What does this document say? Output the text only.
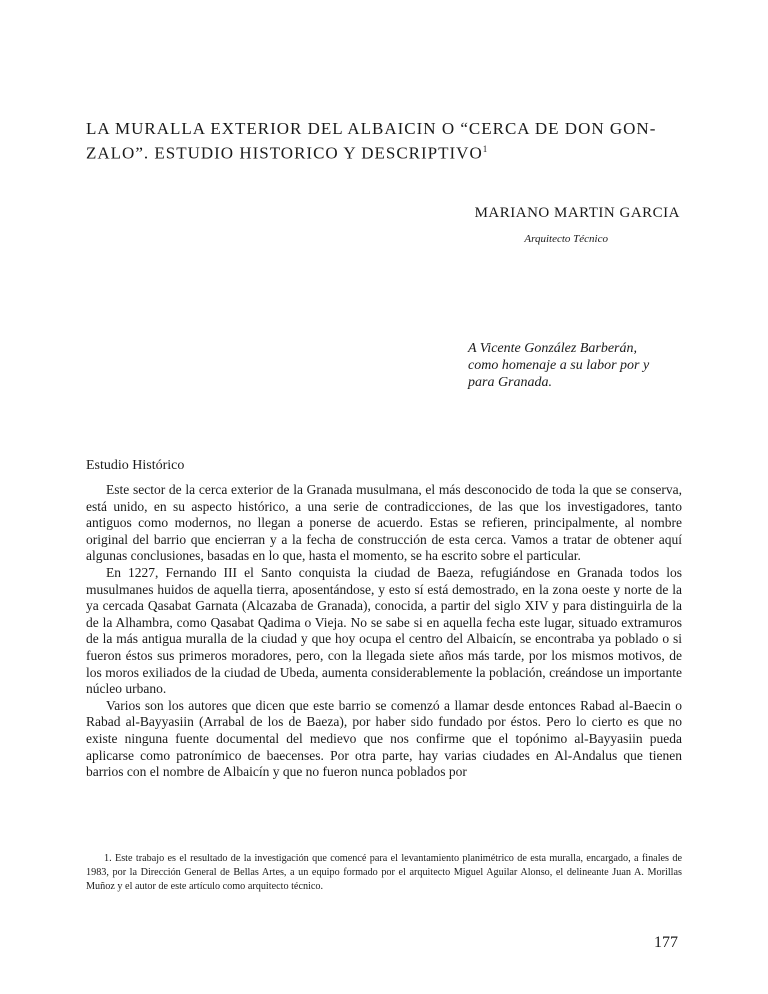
LA MURALLA EXTERIOR DEL ALBAICIN O “CERCA DE DON GON- ZALO”. ESTUDIO HISTORICO Y DESCRIPTIVO$^1$
MARIANO MARTIN GARCIA
Arquitecto Técnico
A Vicente González Barberán,
como homenaje a su labor por y
para Granada.
Estudio Histórico

Este sector de la cerca exterior de la Granada musulmana, el más desconocido de toda la que se conserva, está unido, en su aspecto histórico, a una serie de contradicciones, de las que los investigadores, tanto antiguos como modernos, no llegan a ponerse de acuerdo. Estas se refieren, principalmente, al nombre original del barrio que encierran y a la fecha de construcción de esta cerca. Vamos a tratar de obtener aquí algunas conclusiones, basadas en lo que, hasta el momento, se ha escrito sobre el particular.

En 1227, Fernando III el Santo conquista la ciudad de Baeza, refugiándose en Granada todos los musulmanes huidos de aquella tierra, aposentándose, y esto sí está demostrado, en la zona oeste y norte de la ya cercada Qasabat Garnata (Alcazaba de Granada), conocida, a partir del siglo XIV y para distinguirla de la de la Alhambra, como Qasabat Qadima o Vieja. No se sabe si en aquella fecha este lugar, situado extramuros de la más antigua muralla de la ciudad y que hoy ocupa el centro del Albaicín, se encontraba ya poblado o si fueron éstos sus primeros moradores, pero, con la llegada siete años más tarde, por los mismos motivos, de los moros exiliados de la ciudad de Ubeda, aumenta considerablemente la población, creándose un importante núcleo urbano.

Varios son los autores que dicen que este barrio se comenzó a llamar desde entonces Rabad al-Baecin o Rabad al-Bayyasiin (Arrabal de los de Baeza), por haber sido fundado por éstos. Pero lo cierto es que no existe ninguna fuente documental del medievo que nos confirme que el topónimo al-Bayyasiin pueda aplicarse como patronímico de baecenses. Por otra parte, hay varias ciudades en Al-Andalus que tienen barrios con el nombre de Albaicín y que no fueron nunca poblados por

1. Este trabajo es el resultado de la investigación que comencé para el levantamiento planimétrico de esta muralla, encargado, a finales de 1983, por la Dirección General de Bellas Artes, a un equipo formado por el arquitecto Miguel Aguilar Alonso, el delineante Juan A. Morillas Muñoz y el autor de este artículo como arquitecto técnico.
177
